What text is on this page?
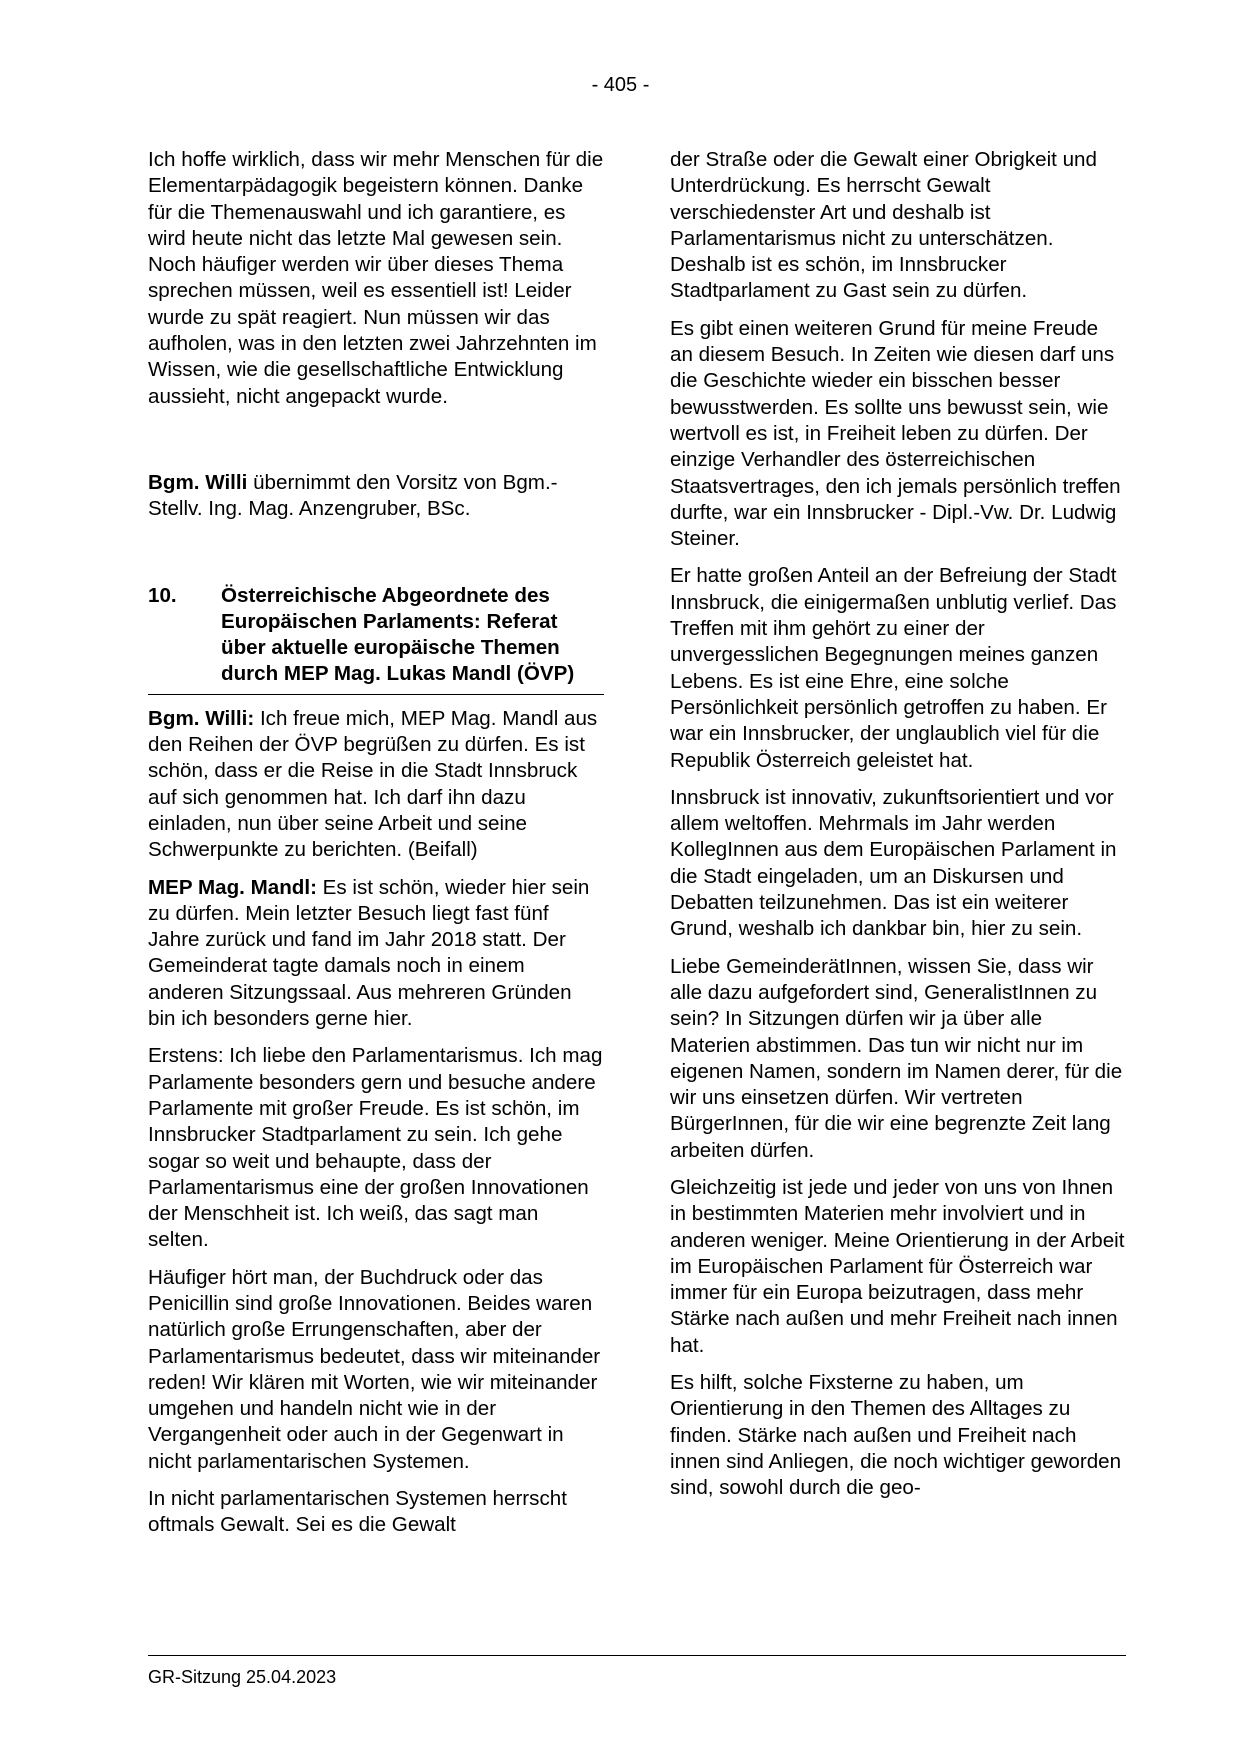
- 405 -

Ich hoffe wirklich, dass wir mehr Menschen für die Elementarpädagogik begeistern können. Danke für die Themenauswahl und ich garantiere, es wird heute nicht das letzte Mal gewesen sein. Noch häufiger werden wir über dieses Thema sprechen müssen, weil es essentiell ist! Leider wurde zu spät reagiert. Nun müssen wir das aufholen, was in den letzten zwei Jahrzehnten im Wissen, wie die gesellschaftliche Entwicklung aussieht, nicht angepackt wurde.

Bgm. Willi übernimmt den Vorsitz von Bgm.-Stellv. Ing. Mag. Anzengruber, BSc.

10.	Österreichische Abgeordnete des Europäischen Parlaments: Referat über aktuelle europäische Themen durch MEP Mag. Lukas Mandl (ÖVP)

Bgm. Willi: Ich freue mich, MEP Mag. Mandl aus den Reihen der ÖVP begrüßen zu dürfen. Es ist schön, dass er die Reise in die Stadt Innsbruck auf sich genommen hat. Ich darf ihn dazu einladen, nun über seine Arbeit und seine Schwerpunkte zu berichten. (Beifall)

MEP Mag. Mandl: Es ist schön, wieder hier sein zu dürfen. Mein letzter Besuch liegt fast fünf Jahre zurück und fand im Jahr 2018 statt. Der Gemeinderat tagte damals noch in einem anderen Sitzungssaal. Aus mehreren Gründen bin ich besonders gerne hier.

Erstens: Ich liebe den Parlamentarismus. Ich mag Parlamente besonders gern und besuche andere Parlamente mit großer Freude. Es ist schön, im Innsbrucker Stadtparlament zu sein. Ich gehe sogar so weit und behaupte, dass der Parlamentarismus eine der großen Innovationen der Menschheit ist. Ich weiß, das sagt man selten.

Häufiger hört man, der Buchdruck oder das Penicillin sind große Innovationen. Beides waren natürlich große Errungenschaften, aber der Parlamentarismus bedeutet, dass wir miteinander reden! Wir klären mit Worten, wie wir miteinander umgehen und handeln nicht wie in der Vergangenheit oder auch in der Gegenwart in nicht parlamentarischen Systemen.

In nicht parlamentarischen Systemen herrscht oftmals Gewalt. Sei es die Gewalt

der Straße oder die Gewalt einer Obrigkeit und Unterdrückung. Es herrscht Gewalt verschiedenster Art und deshalb ist Parlamentarismus nicht zu unterschätzen. Deshalb ist es schön, im Innsbrucker Stadtparlament zu Gast sein zu dürfen.

Es gibt einen weiteren Grund für meine Freude an diesem Besuch. In Zeiten wie diesen darf uns die Geschichte wieder ein bisschen besser bewusstwerden. Es sollte uns bewusst sein, wie wertvoll es ist, in Freiheit leben zu dürfen. Der einzige Verhandler des österreichischen Staatsvertrages, den ich jemals persönlich treffen durfte, war ein Innsbrucker - Dipl.-Vw. Dr. Ludwig Steiner.

Er hatte großen Anteil an der Befreiung der Stadt Innsbruck, die einigermaßen unblutig verlief. Das Treffen mit ihm gehört zu einer der unvergesslichen Begegnungen meines ganzen Lebens. Es ist eine Ehre, eine solche Persönlichkeit persönlich getroffen zu haben. Er war ein Innsbrucker, der unglaublich viel für die Republik Österreich geleistet hat.

Innsbruck ist innovativ, zukunftsorientiert und vor allem weltoffen. Mehrmals im Jahr werden KollegInnen aus dem Europäischen Parlament in die Stadt eingeladen, um an Diskursen und Debatten teilzunehmen. Das ist ein weiterer Grund, weshalb ich dankbar bin, hier zu sein.

Liebe GemeinderätInnen, wissen Sie, dass wir alle dazu aufgefordert sind, GeneralistInnen zu sein? In Sitzungen dürfen wir ja über alle Materien abstimmen. Das tun wir nicht nur im eigenen Namen, sondern im Namen derer, für die wir uns einsetzen dürfen. Wir vertreten BürgerInnen, für die wir eine begrenzte Zeit lang arbeiten dürfen.

Gleichzeitig ist jede und jeder von uns von Ihnen in bestimmten Materien mehr involviert und in anderen weniger. Meine Orientierung in der Arbeit im Europäischen Parlament für Österreich war immer für ein Europa beizutragen, dass mehr Stärke nach außen und mehr Freiheit nach innen hat.

Es hilft, solche Fixsterne zu haben, um Orientierung in den Themen des Alltages zu finden. Stärke nach außen und Freiheit nach innen sind Anliegen, die noch wichtiger geworden sind, sowohl durch die geo-

GR-Sitzung 25.04.2023
